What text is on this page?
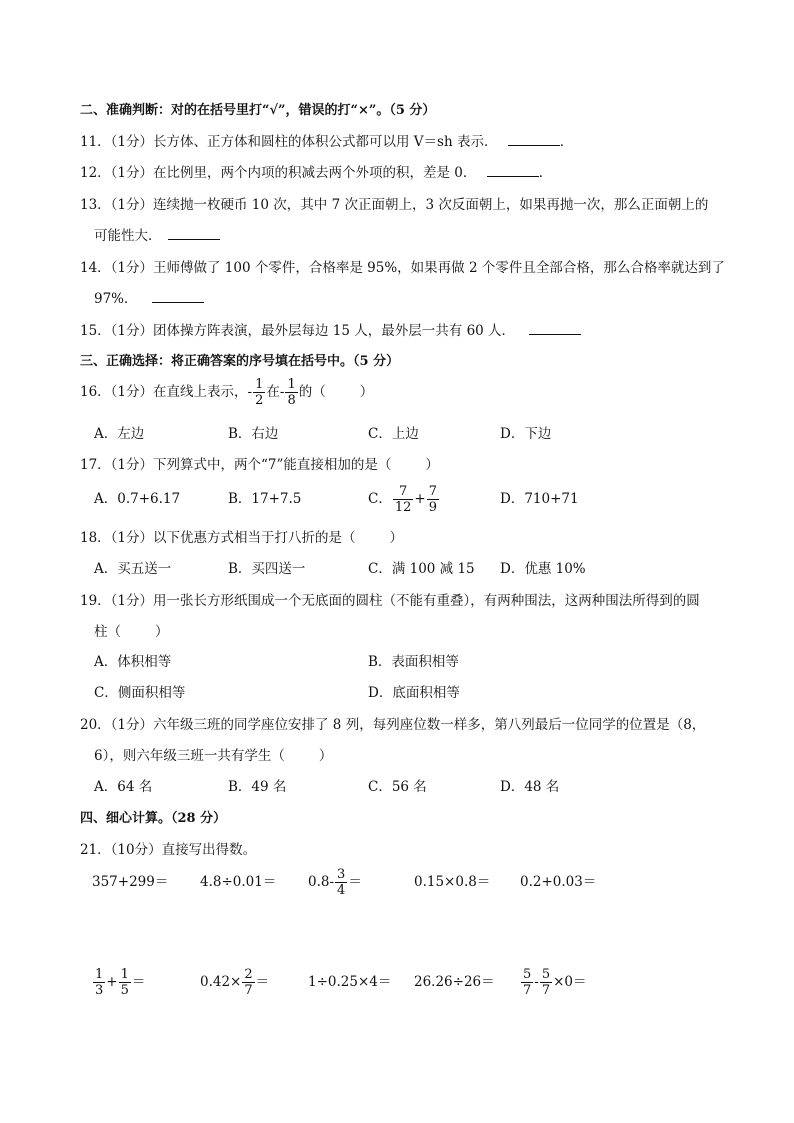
二、准确判断：对的在括号里打“√”，错误的打“×”。（5 分）
11．（1分）长方体、正方体和圆柱的体积公式都可以用 V＝sh 表示．	．
12．（1分）在比例里，两个内项的积减去两个外项的积，差是 0．	．
13．（1分）连续抛一枚硬币 10 次，其中 7 次正面朝上，3 次反面朝上，如果再抛一次，那么正面朝上的
可能性大．
14．（1分）王师傅做了 100 个零件，合格率是 95%，如果再做 2 个零件且全部合格，那么合格率就达到了
97%．
15．（1分）团体操方阵表演，最外层每边 15 人，最外层一共有 60 人．
三、正确选择：将正确答案的序号填在括号中。（5 分）
16．（1分）在直线上表示，- $\frac{1}{2}$ 在- $\frac{1}{8}$ 的（	）
A．左边	B．右边	C．上边	D．下边
17．（1分）下列算式中，两个“7”能直接相加的是（	）
A．0.7+6.17	B．17+7.5	C． $\frac{7}{12} + \frac{7}{9}$	D．710+71
18．（1分）以下优惠方式相当于打八折的是（	）
A．买五送一	B．买四送一	C．满 100 减 15 D．优惠 10%
19．（1分）用一张长方形纸围成一个无底面的圆柱（不能有重叠），有两种围法，这两种围法所得到的圆
柱（	）
A．体积相等	B．表面积相等
C．侧面积相等	D．底面积相等
20．（1分）六年级三班的同学座位安排了 8 列，每列座位数一样多，第八列最后一位同学的位置是（8，
6），则六年级三班一共有学生（	）
A．64 名	B．49 名	C．56 名	D．48 名
四、细心计算。（28 分）
21．（10分）直接写出得数。
$357+299= 4.8\div 0.01= 0.8- \frac{3}{4}$ ＝	0.15×0.8＝ 0.2+0.03＝
$\frac{1}{3} + \frac{1}{5}$ ＝	$0.42\times \frac{2}{7}$ ＝	$1\div 0.25\times 4= 26.26\div 26= \frac{5}{7} - \frac{5}{7} \times 0=$
